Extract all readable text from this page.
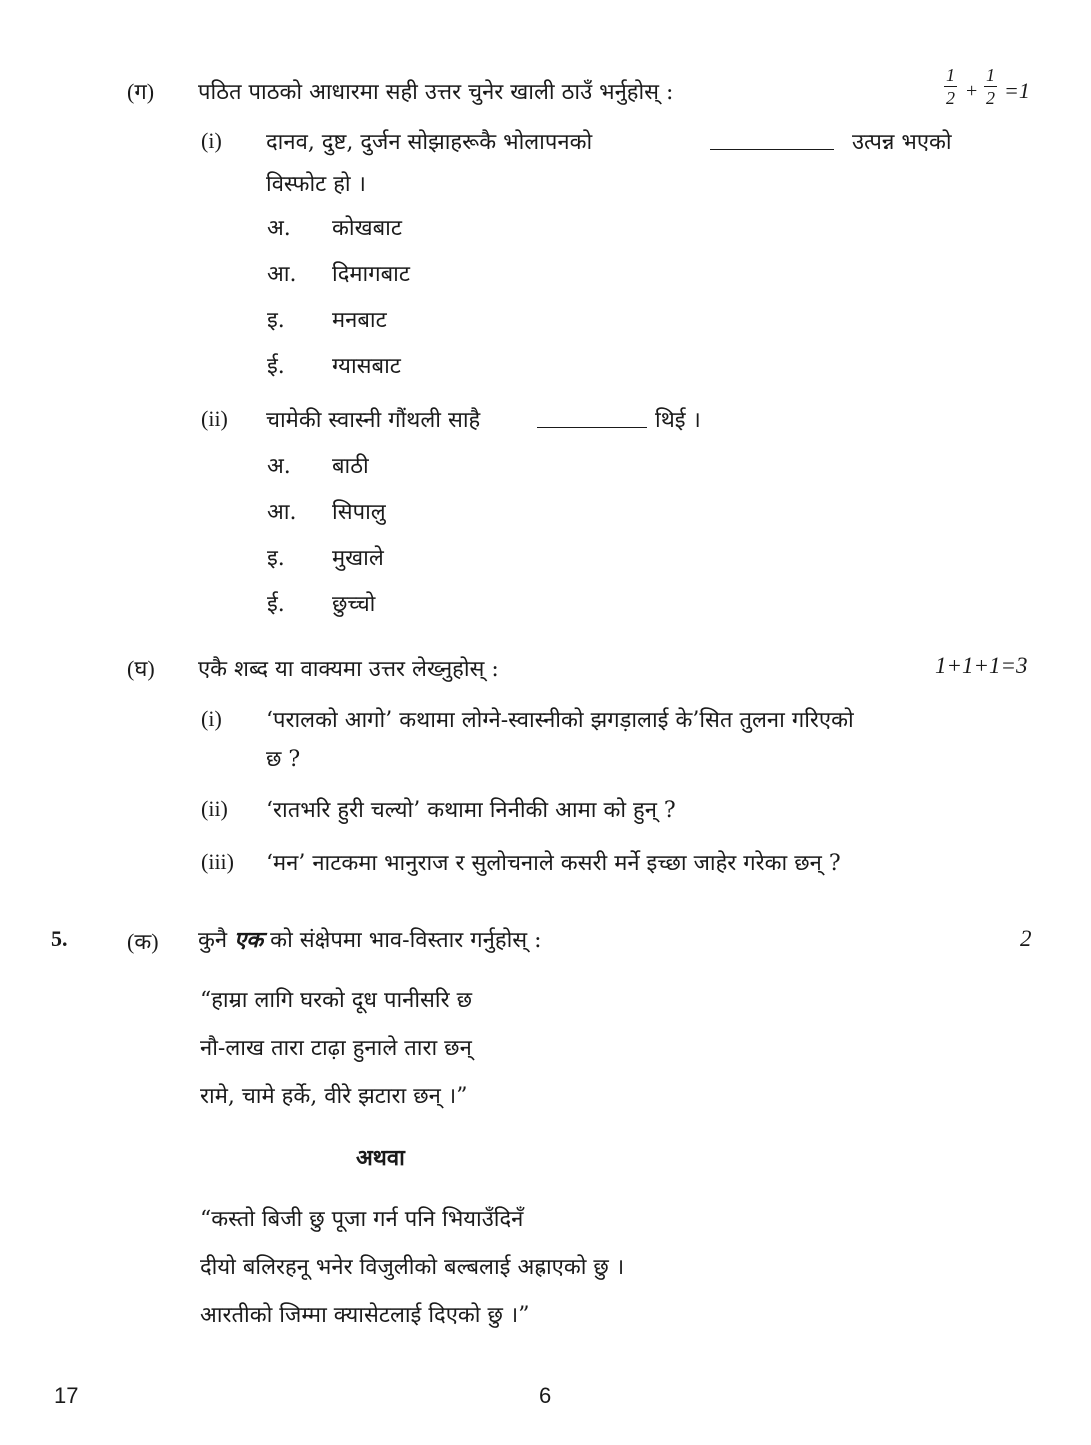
(ग) पठित पाठको आधारमा सही उत्तर चुनेर खाली ठाउँ भर्नुहोस् :
1
2 +
1
2 =1
(i) दानव, दुष्ट, दुर्जन सोझाहरूकै भोलापनको	उत्पन्न भएको
विस्फोट हो ।
अ. कोखबाट
आ. दिमागबाट
इ. मनबाट
ई. ग्यासबाट
(ii) चामेकी स्वास्नी गौंथली साहै	थिई ।
अ. बाठी
आ. सिपालु
इ. मुखाले
ई. छुच्चो
(घ) एकै शब्द या वाक्यमा उत्तर लेख्नुहोस् :	1+1+1=3
(i) ‘परालको आगो’ कथामा लोग्ने-स्वास्नीको झगड़ालाई के’सित तुलना गरिएको
छ ?
(ii) ‘रातभरि हुरी चल्यो’ कथामा निनीकी आमा को हुन् ?
(iii) ‘मन’ नाटकमा भानुराज र सुलोचनाले कसरी मर्ने इच्छा जाहेर गरेका छन् ?
5.	(क) कुनै एक को संक्षेपमा भाव-विस्तार गर्नुहोस् :	2
“हाम्रा लागि घरको दूध पानीसरि छ
नौ-लाख तारा टाढ़ा हुनाले तारा छन्
रामे, चामे हर्के, वीरे झटारा छन् ।”
अथवा
“कस्तो बिजी छु पूजा गर्न पनि भियाउँदिनँ
दीयो बलिरहनू भनेर विजुलीको बल्बलाई अह्राएको छु ।
आरतीको जिम्मा क्यासेटलाई दिएको छु ।”
17	6
